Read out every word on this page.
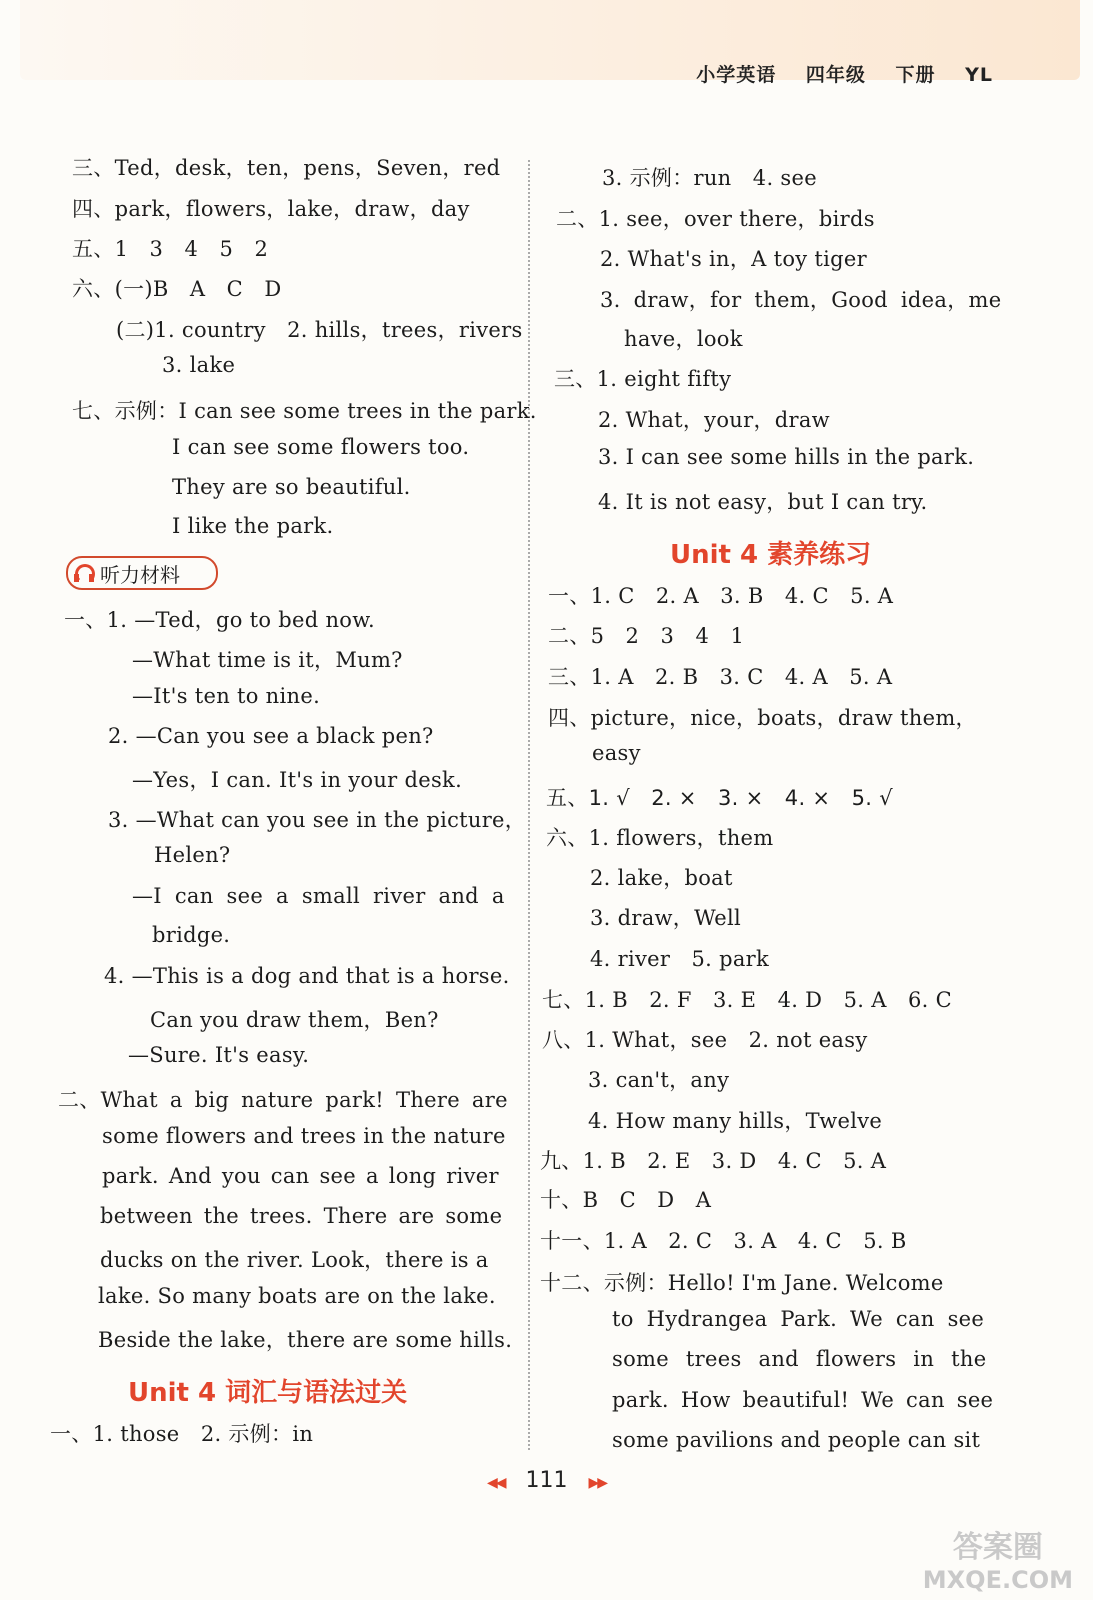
小学英语 四年级 下册 YL
三、Ted，desk，ten，pens，Seven，red
四、park，flowers，lake，draw，day
五、1　3　4　5　2
六、(一)B　A　C　D
(二)1. country　2. hills，trees，rivers
3. lake
七、示例：I can see some trees in the park.
I can see some flowers too.
They are so beautiful.
I like the park.
听力材料
一、1. —Ted，go to bed now.
—What time is it，Mum?
—It's ten to nine.
2. —Can you see a black pen?
—Yes，I can. It's in your desk.
3. —What can you see in the picture，
Helen?
—I can see a small river and a
bridge.
4. —This is a dog and that is a horse.
Can you draw them，Ben?
—Sure. It's easy.
二、What a big nature park! There are
some flowers and trees in the nature
park. And you can see a long river
between the trees. There are some
ducks on the river. Look，there is a
lake. So many boats are on the lake.
Beside the lake，there are some hills.
Unit 4 词汇与语法过关
一、1. those　2. 示例：in
3. 示例：run　4. see
二、1. see，over there，birds
2. What's in，A toy tiger
3. draw，for them，Good idea，me
have，look
三、1. eight fifty
2. What，your，draw
3. I can see some hills in the park.
4. It is not easy，but I can try.
Unit 4 素养练习
一、1. C　2. A　3. B　4. C　5. A
二、5　2　3　4　1
三、1. A　2. B　3. C　4. A　5. A
四、picture，nice，boats，draw them，
easy
五、1. √　2. ×　3. ×　4. ×　5. √
六、1. flowers，them
2. lake，boat
3. draw，Well
4. river　5. park
七、1. B　2. F　3. E　4. D　5. A　6. C
八、1. What，see　2. not easy
3. can't，any
4. How many hills，Twelve
九、1. B　2. E　3. D　4. C　5. A
十、B　C　D　A
十一、1. A　2. C　3. A　4. C　5. B
十二、示例：Hello! I'm Jane. Welcome
to Hydrangea Park. We can see
some trees and flowers in the
park. How beautiful! We can see
some pavilions and people can sit
◀◀ 111 ▶▶
答案圈
MXQE.COM
